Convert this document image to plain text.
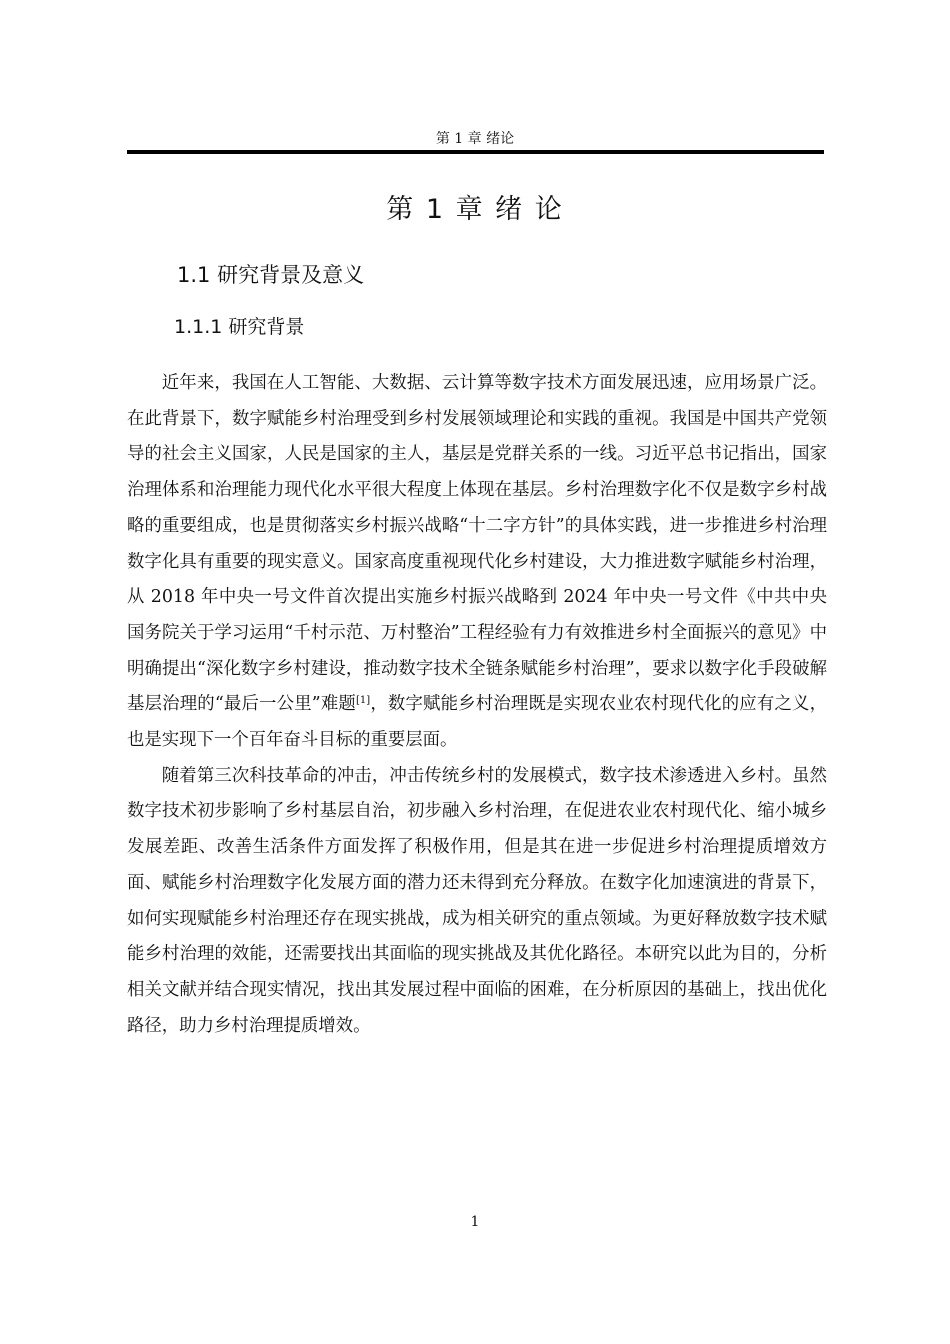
第 1 章 绪论
第 1 章 绪 论
1.1 研究背景及意义
1.1.1 研究背景

近年来，我国在人工智能、大数据、云计算等数字技术方面发展迅速，应用场景广泛。在此背景下，数字赋能乡村治理受到乡村发展领域理论和实践的重视。我国是中国共产党领导的社会主义国家，人民是国家的主人，基层是党群关系的一线。习近平总书记指出，国家治理体系和治理能力现代化水平很大程度上体现在基层。乡村治理数字化不仅是数字乡村战略的重要组成，也是贯彻落实乡村振兴战略“十二字方针”的具体实践，进一步推进乡村治理数字化具有重要的现实意义。国家高度重视现代化乡村建设，大力推进数字赋能乡村治理，从 2018 年中央一号文件首次提出实施乡村振兴战略到 2024 年中央一号文件《中共中央国务院关于学习运用“千村示范、万村整治”工程经验有力有效推进乡村全面振兴的意见》中明确提出“深化数字乡村建设，推动数字技术全链条赋能乡村治理”，要求以数字化手段破解基层治理的“最后一公里”难题[1]，数字赋能乡村治理既是实现农业农村现代化的应有之义，也是实现下一个百年奋斗目标的重要层面。

随着第三次科技革命的冲击，冲击传统乡村的发展模式，数字技术渗透进入乡村。虽然数字技术初步影响了乡村基层自治，初步融入乡村治理，在促进农业农村现代化、缩小城乡发展差距、改善生活条件方面发挥了积极作用，但是其在进一步促进乡村治理提质增效方面、赋能乡村治理数字化发展方面的潜力还未得到充分释放。在数字化加速演进的背景下，如何实现赋能乡村治理还存在现实挑战，成为相关研究的重点领域。为更好释放数字技术赋能乡村治理的效能，还需要找出其面临的现实挑战及其优化路径。本研究以此为目的，分析相关文献并结合现实情况，找出其发展过程中面临的困难，在分析原因的基础上，找出优化路径，助力乡村治理提质增效。

1
